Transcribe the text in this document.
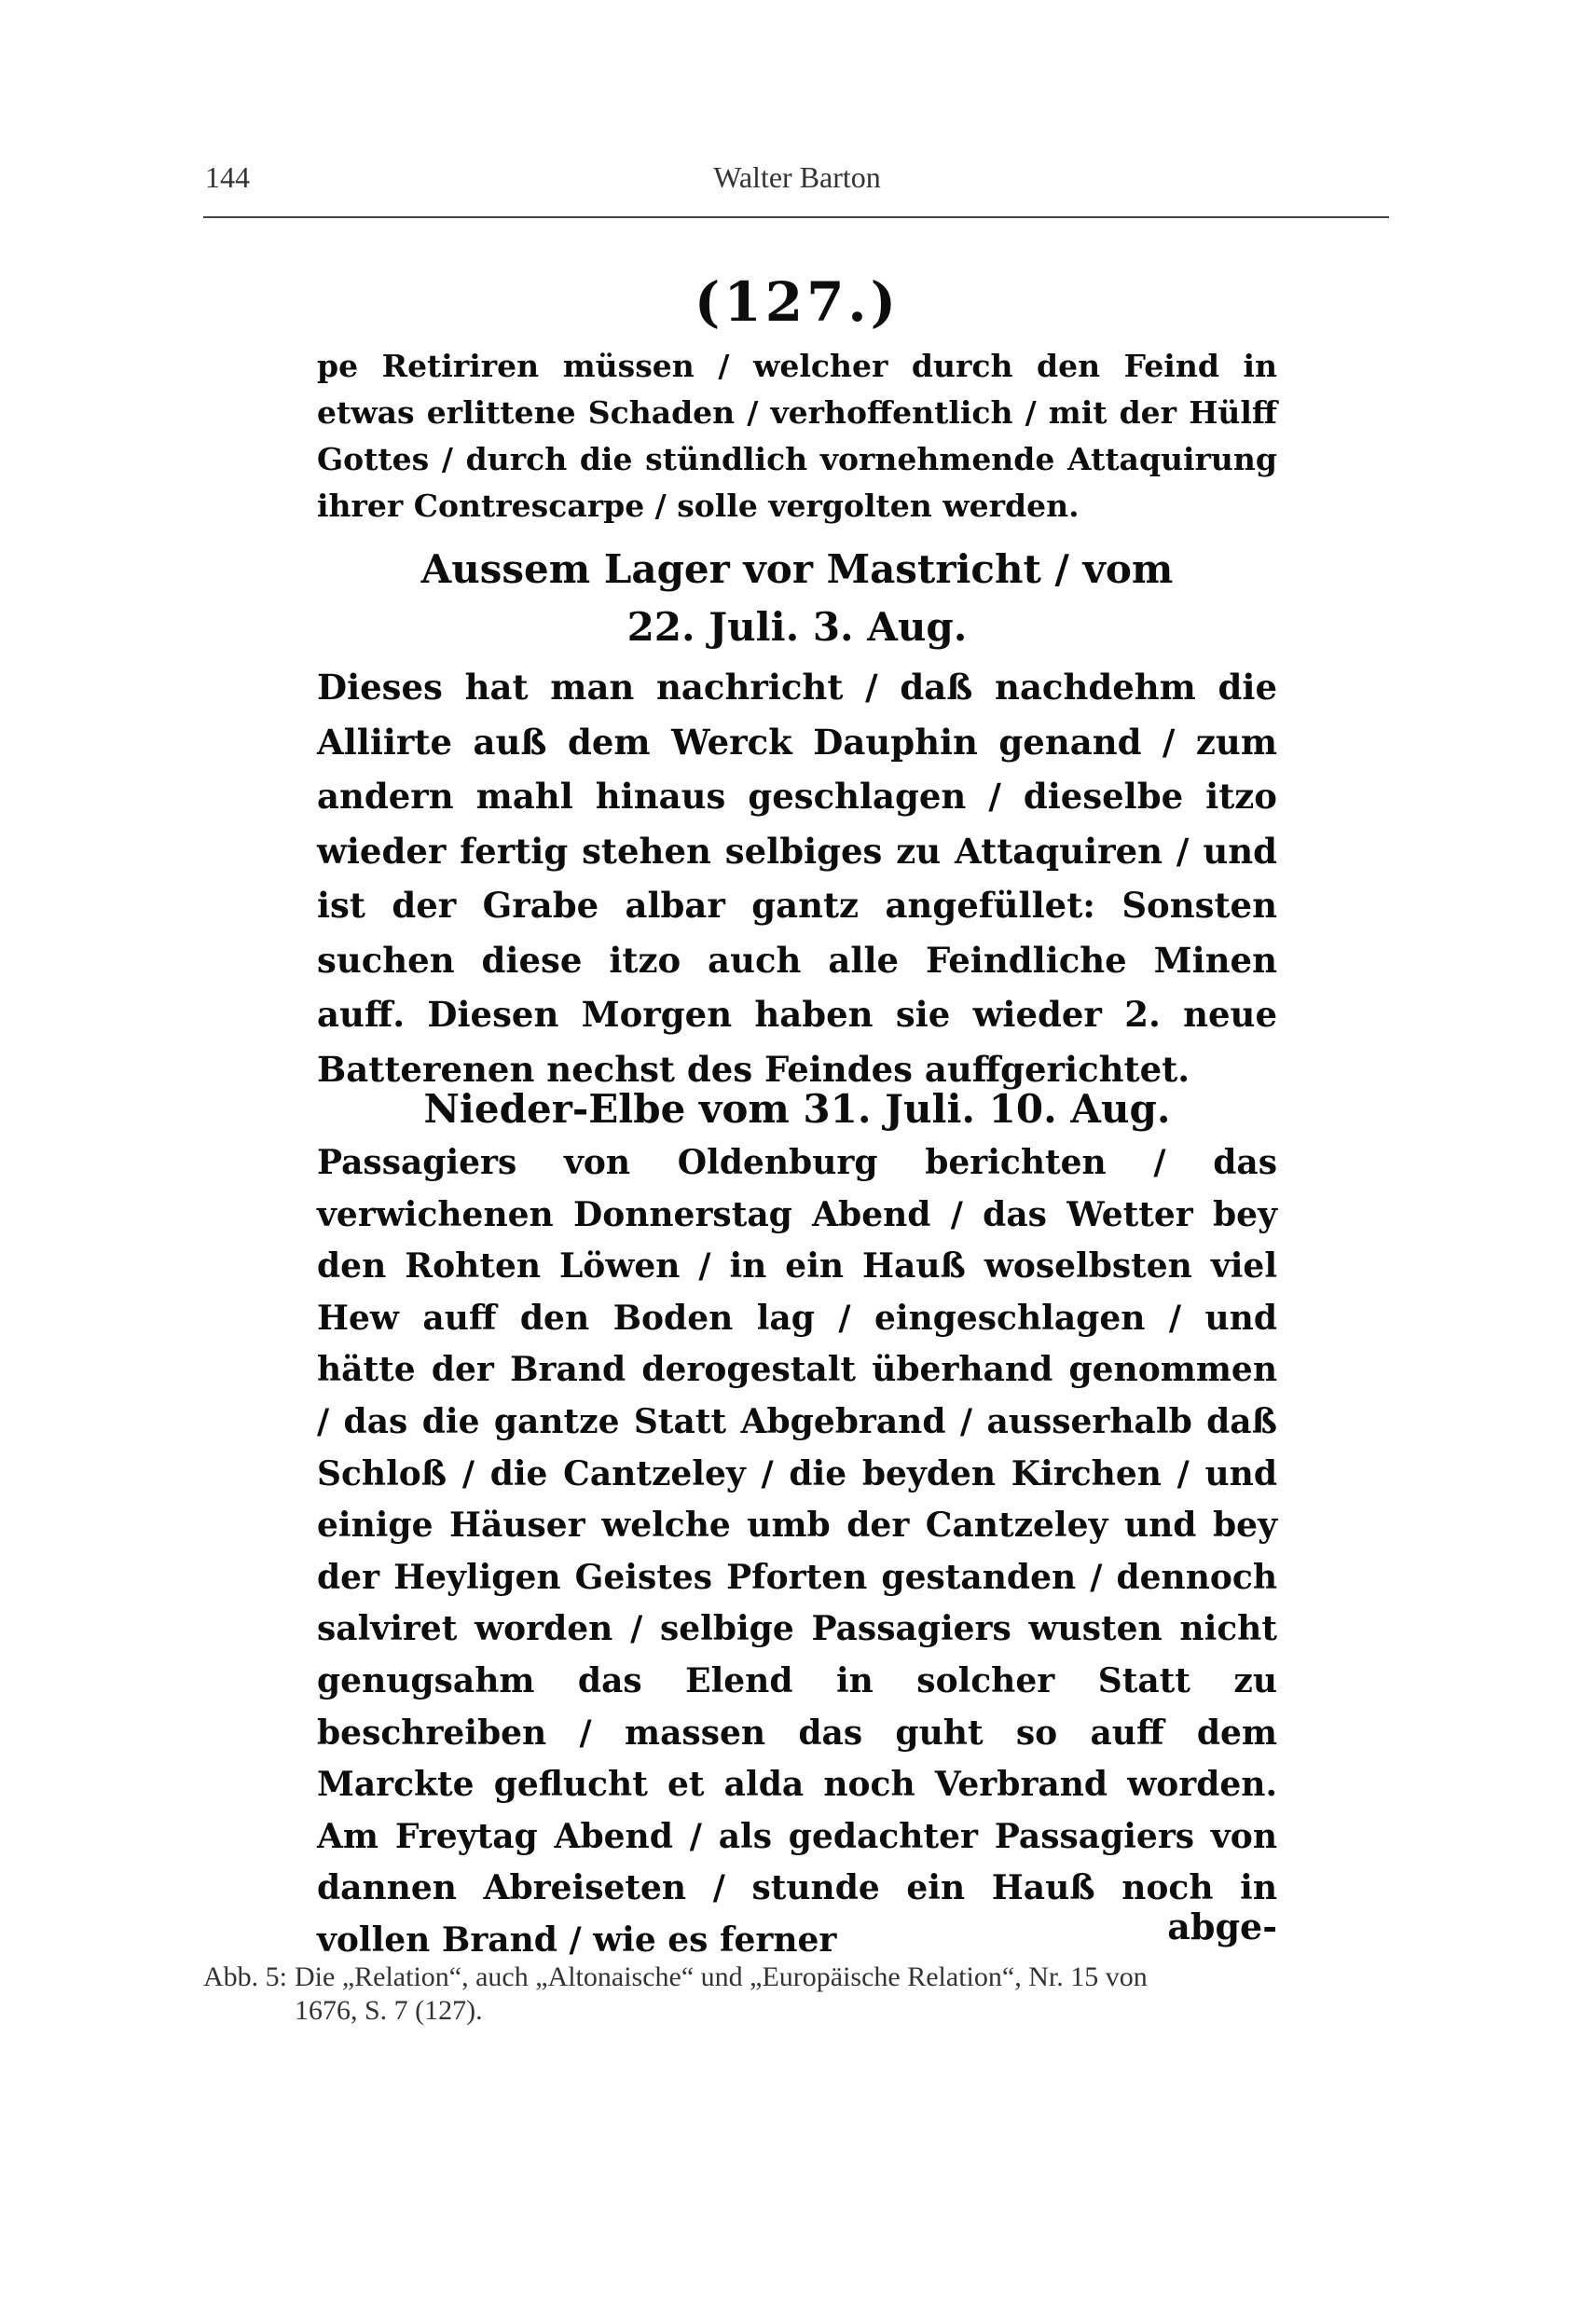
144	Walter Barton
(127.)
pe Retiriren müssen / welcher durch den Feind in etwas erlittene Schaden / verhoffentlich / mit der Hülff Gottes / durch die stündlich vornehmende Attaquirung ihrer Contrescarpe / solle vergolten werden.
Aussem Lager vor Mastricht / vom
22. Juli. 3. Aug.
Dieses hat man nachricht / daß nachdehm die Alliirte auß dem Werck Dauphin genand / zum andern mahl hinaus geschlagen / dieselbe itzo wieder fertig stehen selbiges zu Attaquiren / und ist der Grabe albar gantz angefüllet: Sonsten suchen diese itzo auch alle Feindliche Minen auff. Diesen Morgen haben sie wieder 2. neue Batterenen nechst des Feindes auffgerichtet.
Nieder-Elbe vom 31. Juli. 10. Aug.
Passagiers von Oldenburg berichten / das verwichenen Donnerstag Abend / das Wetter bey den Rohten Löwen / in ein Hauß woselbsten viel Hew auff den Boden lag / eingeschlagen / und hätte der Brand derogestalt überhand genommen / das die gantze Statt Abgebrand / ausserhalb daß Schloß / die Cantzeley / die beyden Kirchen / und einige Häuser welche umb der Cantzeley und bey der Heyligen Geistes Pforten gestanden / dennoch salviret worden / selbige Passagiers wusten nicht genugsahm das Elend in solcher Statt zu beschreiben / massen das guht so auff dem Marckte geflucht et alda noch Verbrand worden. Am Freytag Abend / als gedachter Passagiers von dannen Abreiseten / stunde ein Hauß noch in vollen Brand / wie es ferner	abge-
Abb. 5: Die „Relation“, auch „Altonaische“ und „Europäische Relation“, Nr. 15 von
1676, S. 7 (127).
